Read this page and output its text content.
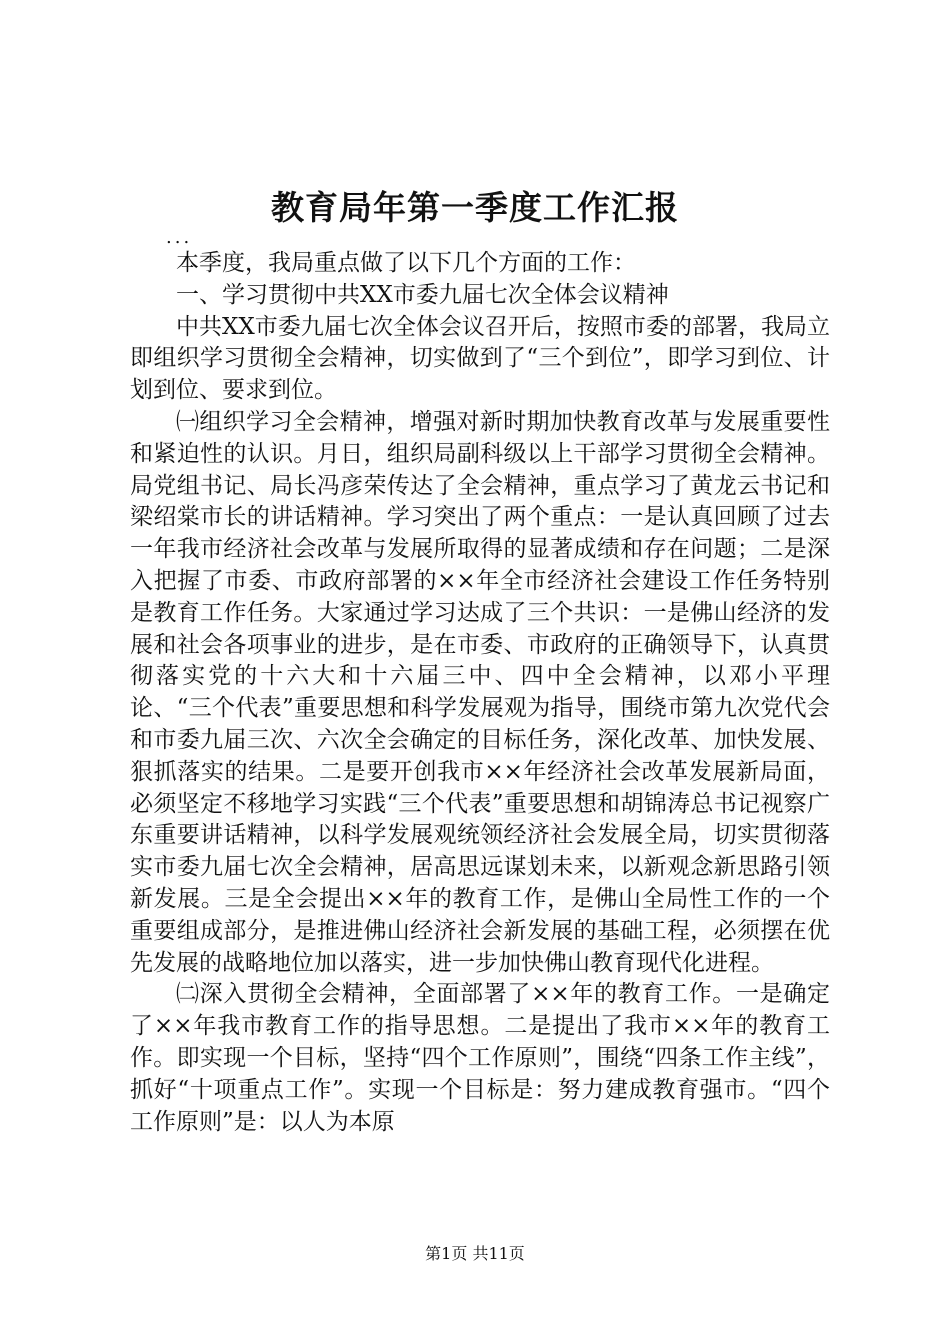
教育局年第一季度工作汇报

...

本季度，我局重点做了以下几个方面的工作：

一、学习贯彻中共XX市委九届七次全体会议精神

中共XX市委九届七次全体会议召开后，按照市委的部署，我局立即组织学习贯彻全会精神，切实做到了“三个到位”，即学习到位、计划到位、要求到位。

㈠组织学习全会精神，增强对新时期加快教育改革与发展重要性和紧迫性的认识。月日，组织局副科级以上干部学习贯彻全会精神。局党组书记、局长冯彦荣传达了全会精神，重点学习了黄龙云书记和梁绍棠市长的讲话精神。学习突出了两个重点：一是认真回顾了过去一年我市经济社会改革与发展所取得的显著成绩和存在问题；二是深入把握了市委、市政府部署的××年全市经济社会建设工作任务特别是教育工作任务。大家通过学习达成了三个共识：一是佛山经济的发展和社会各项事业的进步，是在市委、市政府的正确领导下，认真贯彻落实党的十六大和十六届三中、四中全会精神，以邓小平理论、“三个代表”重要思想和科学发展观为指导，围绕市第九次党代会和市委九届三次、六次全会确定的目标任务，深化改革、加快发展、狠抓落实的结果。二是要开创我市××年经济社会改革发展新局面，必须坚定不移地学习实践“三个代表”重要思想和胡锦涛总书记视察广东重要讲话精神，以科学发展观统领经济社会发展全局，切实贯彻落实市委九届七次全会精神，居高思远谋划未来，以新观念新思路引领新发展。三是全会提出××年的教育工作，是佛山全局性工作的一个重要组成部分，是推进佛山经济社会新发展的基础工程，必须摆在优先发展的战略地位加以落实，进一步加快佛山教育现代化进程。

㈡深入贯彻全会精神，全面部署了××年的教育工作。一是确定了××年我市教育工作的指导思想。二是提出了我市××年的教育工作。即实现一个目标，坚持“四个工作原则”，围绕“四条工作主线”，抓好“十项重点工作”。实现一个目标是：努力建成教育强市。“四个工作原则”是：以人为本原

第1页 共11页
